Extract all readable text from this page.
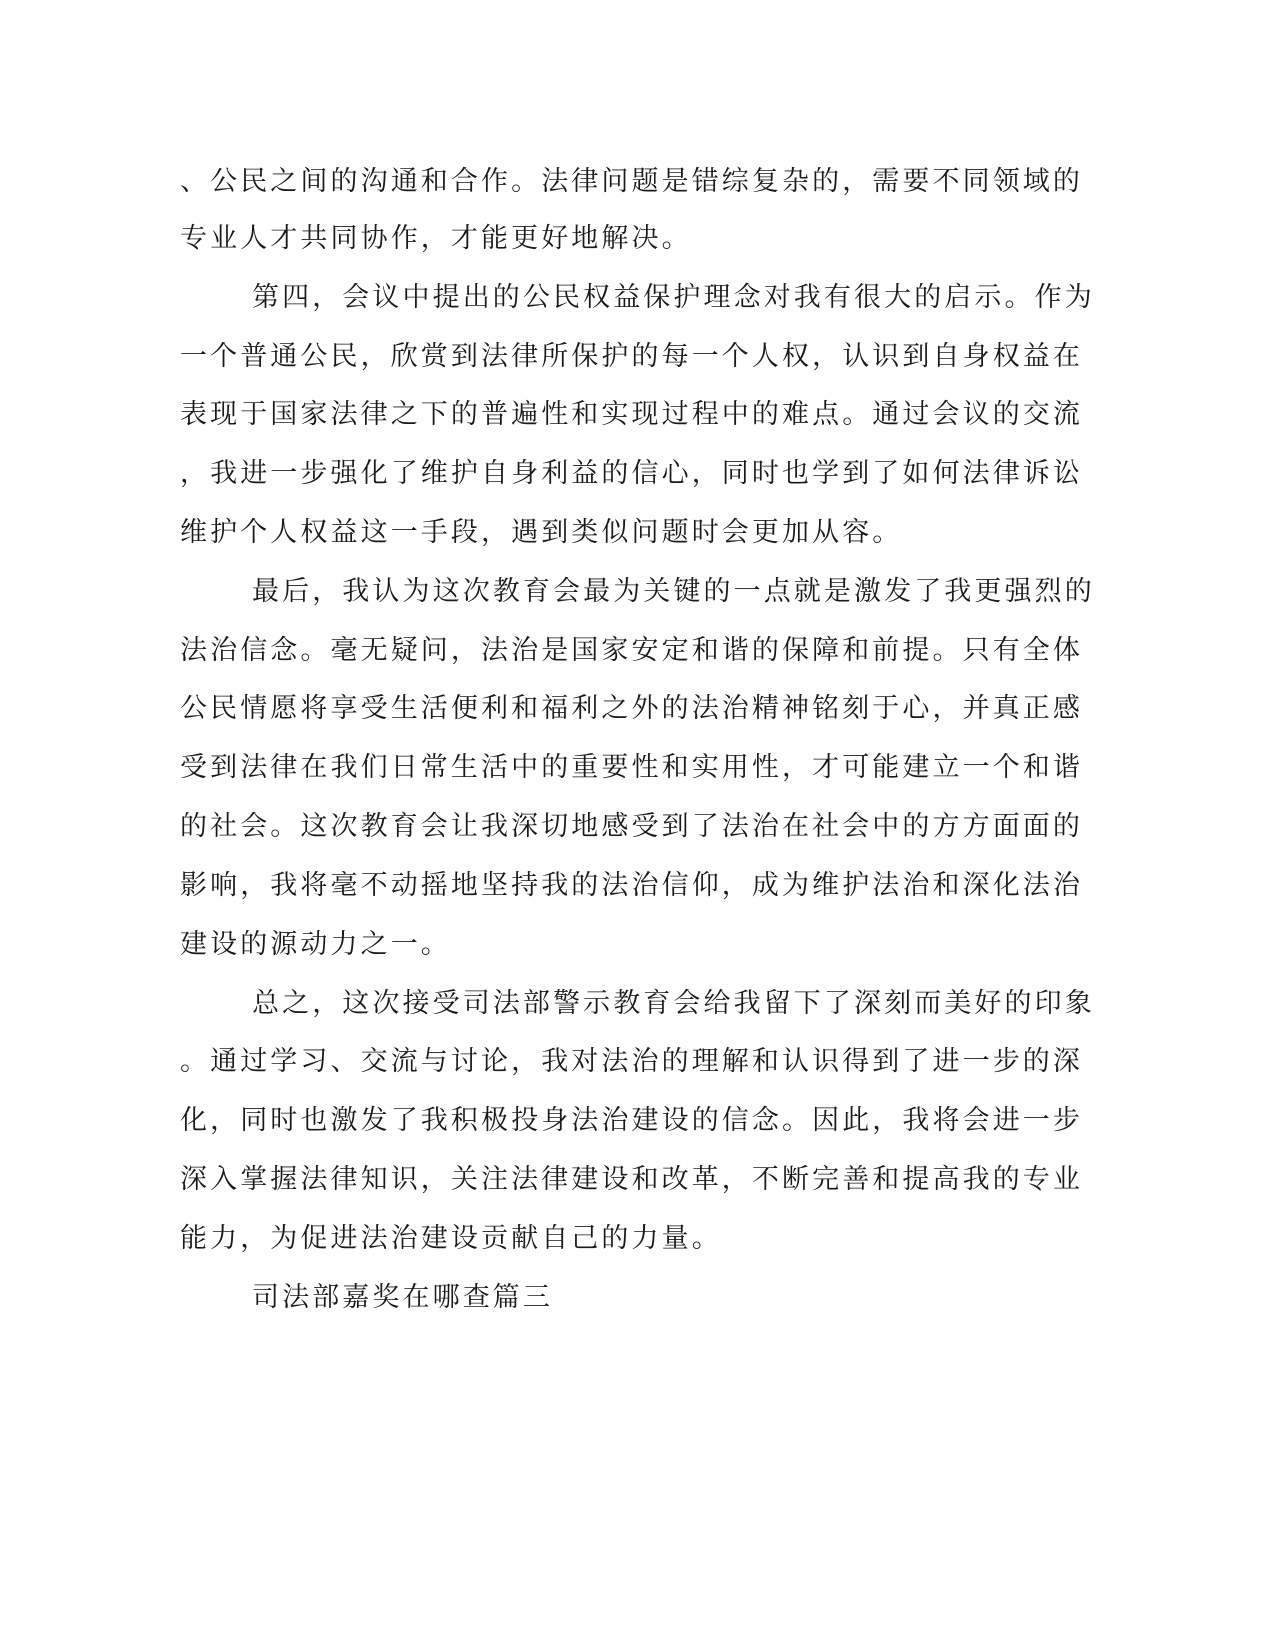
、公民之间的沟通和合作。法律问题是错综复杂的，需要不同领域的
专业人才共同协作，才能更好地解决。
第四，会议中提出的公民权益保护理念对我有很大的启示。作为
一个普通公民，欣赏到法律所保护的每一个人权，认识到自身权益在
表现于国家法律之下的普遍性和实现过程中的难点。通过会议的交流
，我进一步强化了维护自身利益的信心，同时也学到了如何法律诉讼
维护个人权益这一手段，遇到类似问题时会更加从容。
最后，我认为这次教育会最为关键的一点就是激发了我更强烈的
法治信念。毫无疑问，法治是国家安定和谐的保障和前提。只有全体
公民情愿将享受生活便利和福利之外的法治精神铭刻于心，并真正感
受到法律在我们日常生活中的重要性和实用性，才可能建立一个和谐
的社会。这次教育会让我深切地感受到了法治在社会中的方方面面的
影响，我将毫不动摇地坚持我的法治信仰，成为维护法治和深化法治
建设的源动力之一。
总之，这次接受司法部警示教育会给我留下了深刻而美好的印象
。通过学习、交流与讨论，我对法治的理解和认识得到了进一步的深
化，同时也激发了我积极投身法治建设的信念。因此，我将会进一步
深入掌握法律知识，关注法律建设和改革，不断完善和提高我的专业
能力，为促进法治建设贡献自己的力量。
司法部嘉奖在哪查篇三
